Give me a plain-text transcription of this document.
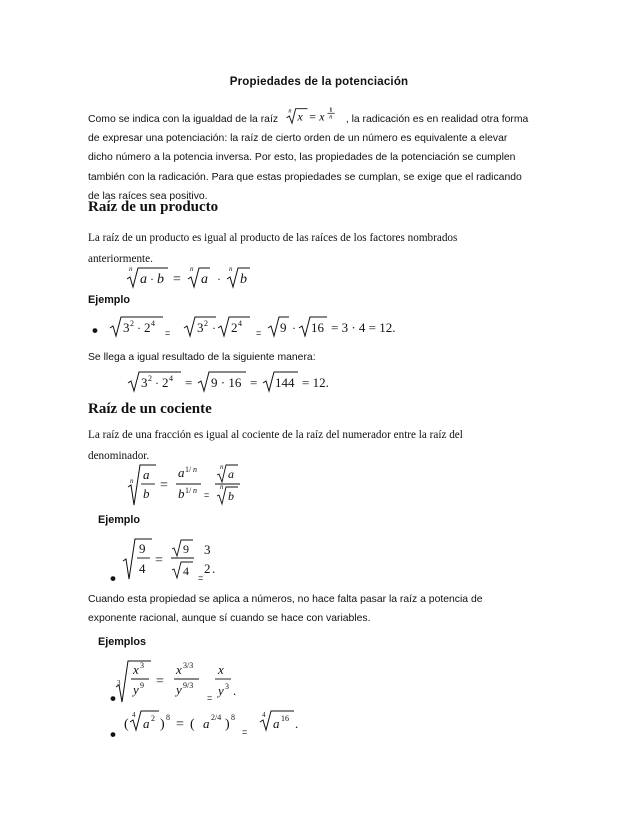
Propiedades de la potenciación
Como se indica con la igualdad de la raíz
n x = x 1
n , la radicación es en realidad otra forma
de expresar una potenciación: la raíz de cierto orden de un número es equivalente a elevar
dicho número a la potencia inversa. Por esto, las propiedades de la potenciación se cumplen
también con la radicación. Para que estas propiedades se cumplan, se exige que el radicando
de las raíces sea positivo.
Raíz de un producto
La raíz de un producto es igual al producto de las raíces de los factores nombrados
anteriormente.
n
a · b =
n
a ·
n
b
Ejemplo
• 3 2 · 2 4	3 2 · 2 4	9 · 16 = 3 · 4 = 12.
=	=
Se llega a igual resultado de la siguiente manera:
3 2 · 2 4 = 9 · 16 = 144 = 12.
Raíz de un cociente
La raíz de una fracción es igual al cociente de la raíz del numerador entre la raíz del
denominador.
n a
b
=
a 1/ n
b 1/ n
n a
n
b
=
Ejemplo
•
9
4
=
9
4
3
2 .
=
Cuando esta propiedad se aplica a números, no hace falta pasar la raíz a potencia de
exponente racional, aunque sí cuando se hace con variables.
Ejemplos
•
3
x 3
y 9 =
x 3/3
y 9/3
x
y 3 .
=
•
(
4
a 2 ) 8 = ( a 2/4 ) 8	4
a 16 .
=
